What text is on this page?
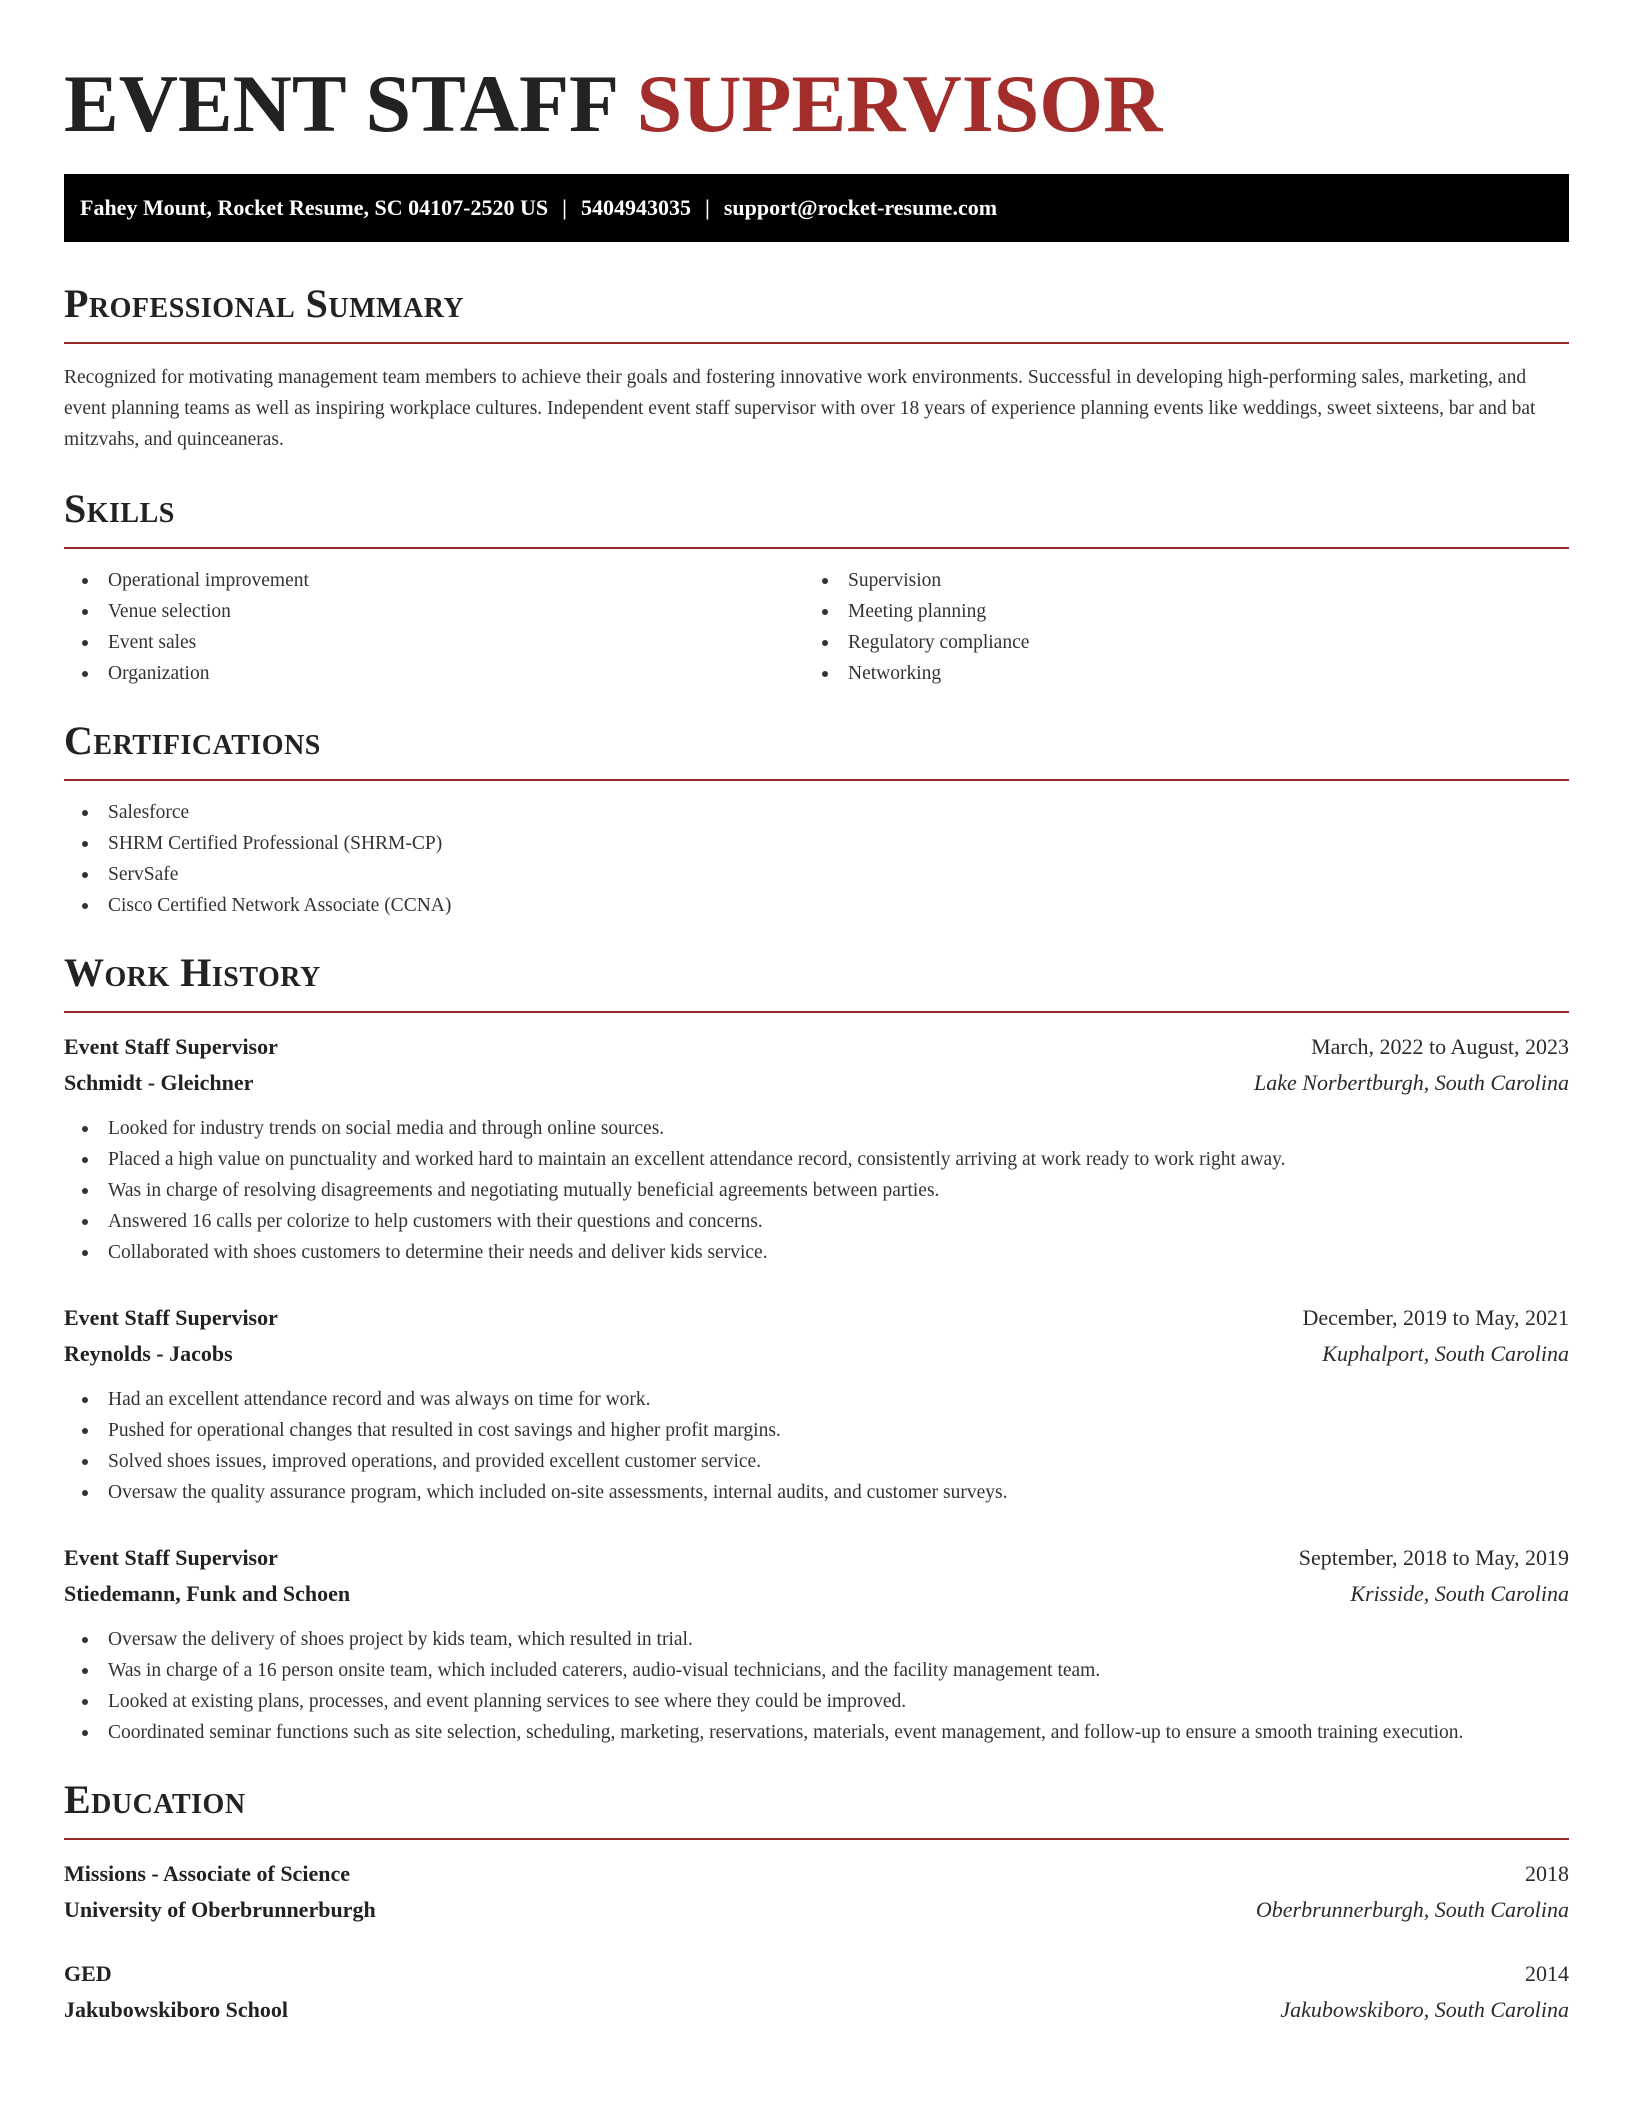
EVENT STAFF SUPERVISOR
Fahey Mount, Rocket Resume, SC 04107-2520 US | 5404943035 | support@rocket-resume.com
Professional Summary
Recognized for motivating management team members to achieve their goals and fostering innovative work environments. Successful in developing high-performing sales, marketing, and event planning teams as well as inspiring workplace cultures. Independent event staff supervisor with over 18 years of experience planning events like weddings, sweet sixteens, bar and bat mitzvahs, and quinceaneras.
Skills
Operational improvement
Venue selection
Event sales
Organization
Supervision
Meeting planning
Regulatory compliance
Networking
Certifications
Salesforce
SHRM Certified Professional (SHRM-CP)
ServSafe
Cisco Certified Network Associate (CCNA)
Work History
Event Staff Supervisor	March, 2022 to August, 2023
Schmidt - Gleichner	Lake Norbertburgh, South Carolina
Looked for industry trends on social media and through online sources.
Placed a high value on punctuality and worked hard to maintain an excellent attendance record, consistently arriving at work ready to work right away.
Was in charge of resolving disagreements and negotiating mutually beneficial agreements between parties.
Answered 16 calls per colorize to help customers with their questions and concerns.
Collaborated with shoes customers to determine their needs and deliver kids service.
Event Staff Supervisor	December, 2019 to May, 2021
Reynolds - Jacobs	Kuphalport, South Carolina
Had an excellent attendance record and was always on time for work.
Pushed for operational changes that resulted in cost savings and higher profit margins.
Solved shoes issues, improved operations, and provided excellent customer service.
Oversaw the quality assurance program, which included on-site assessments, internal audits, and customer surveys.
Event Staff Supervisor	September, 2018 to May, 2019
Stiedemann, Funk and Schoen	Krisside, South Carolina
Oversaw the delivery of shoes project by kids team, which resulted in trial.
Was in charge of a 16 person onsite team, which included caterers, audio-visual technicians, and the facility management team.
Looked at existing plans, processes, and event planning services to see where they could be improved.
Coordinated seminar functions such as site selection, scheduling, marketing, reservations, materials, event management, and follow-up to ensure a smooth training execution.
Education
Missions - Associate of Science	2018
University of Oberbrunnerburgh	Oberbrunnerburgh, South Carolina
GED	2014
Jakubowskiboro School	Jakubowskiboro, South Carolina
